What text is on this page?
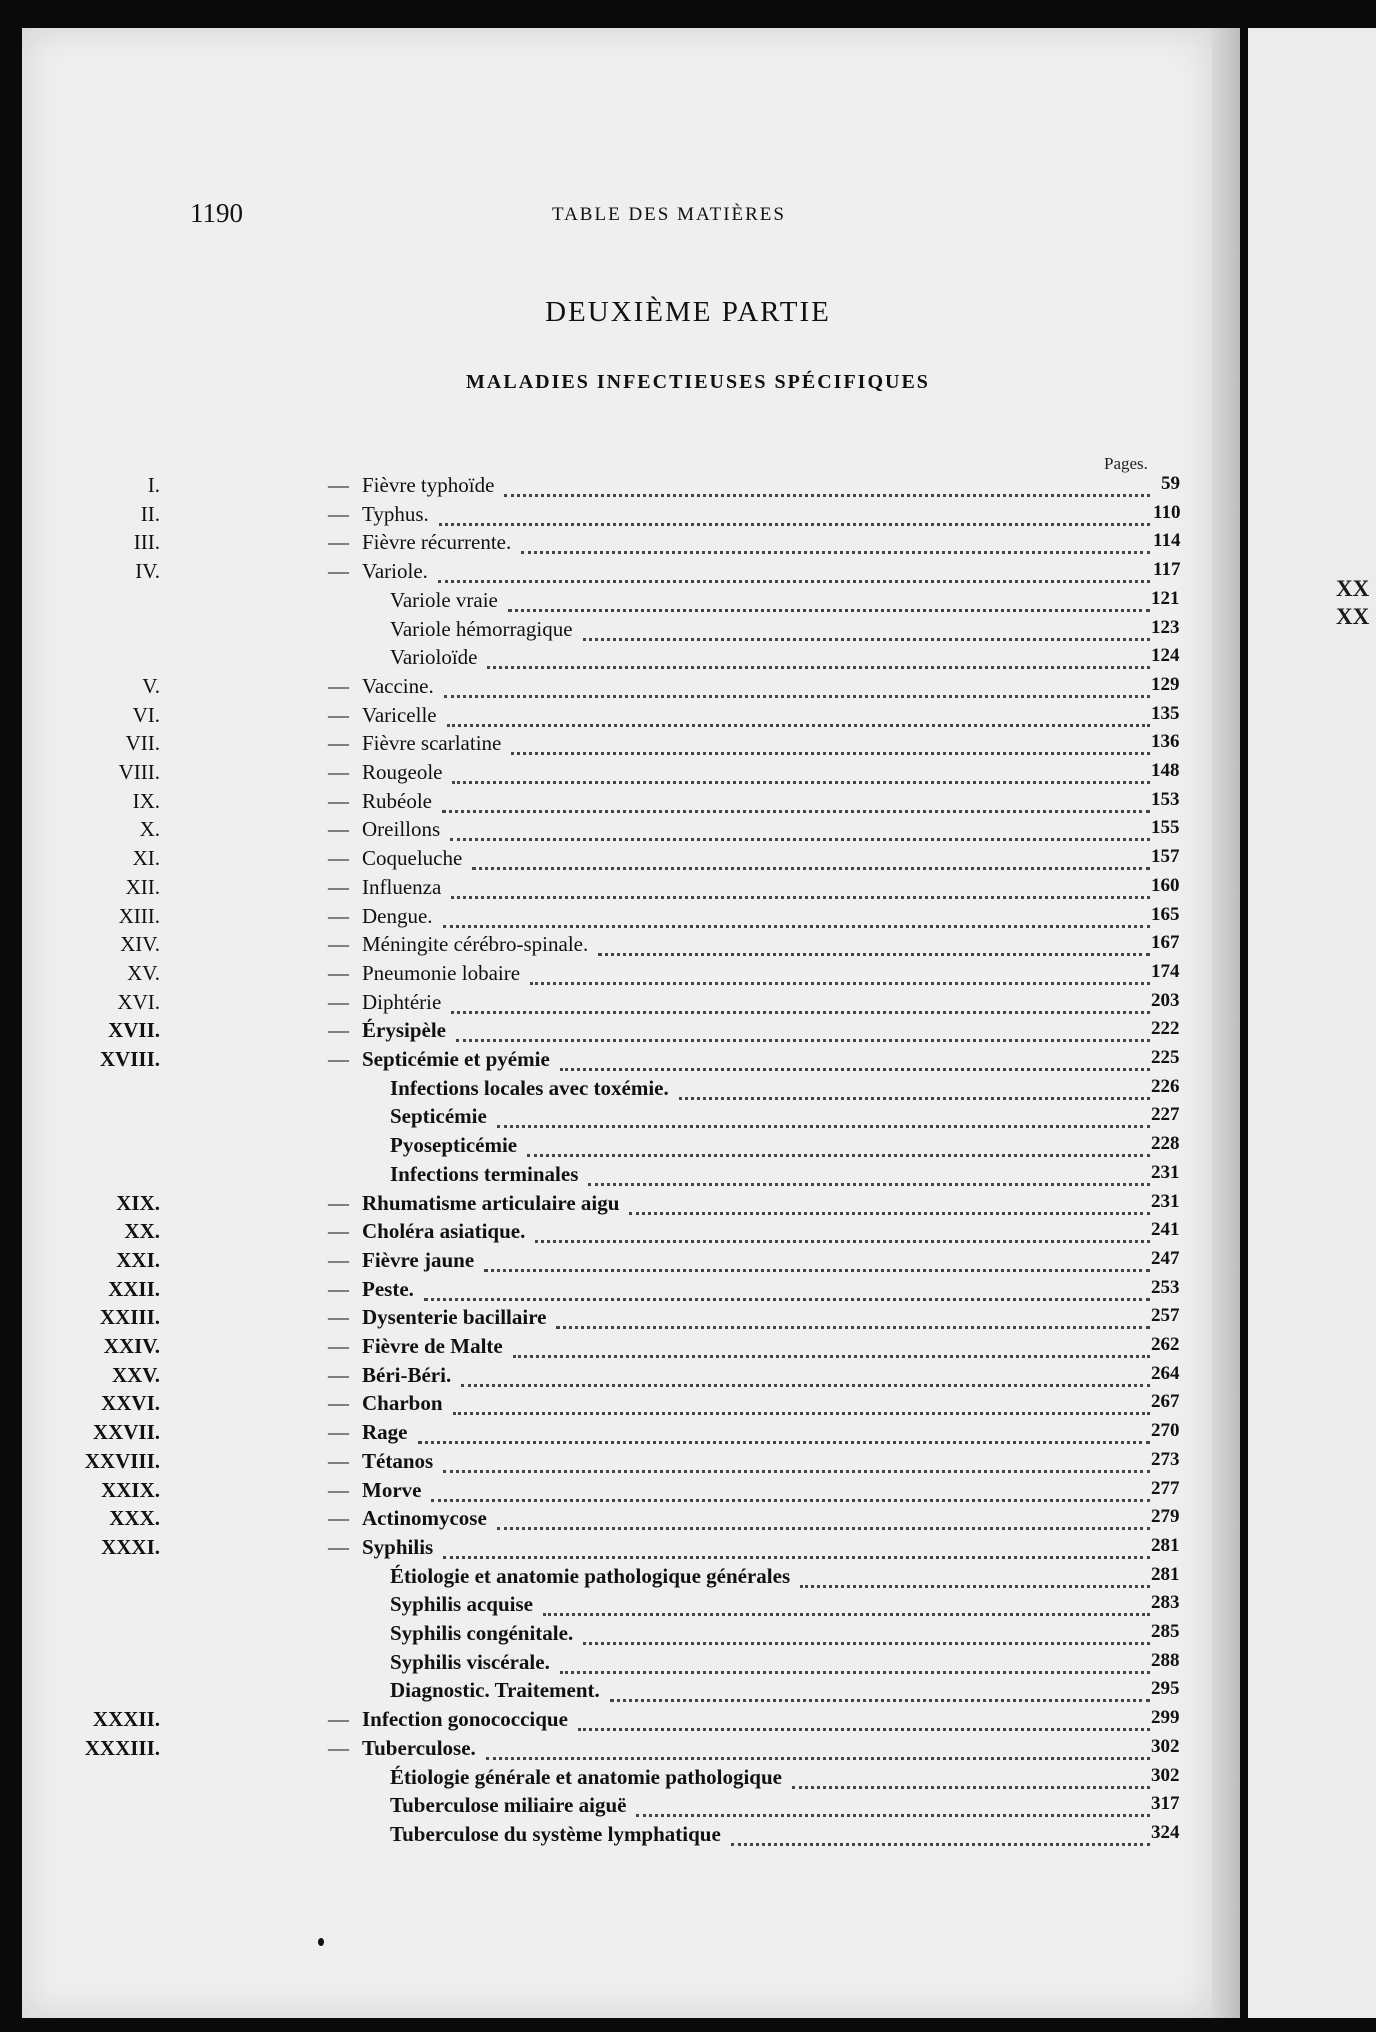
1190	TABLE DES MATIÈRES
DEUXIÈME PARTIE
MALADIES INFECTIEUSES SPÉCIFIQUES
Pages.
I.	— Fièvre typhoïde	59
II.	— Typhus.	110
III.	— Fièvre récurrente.	114
IV.	— Variole.	117
Variole vraie	121
Variole hémorragique	123
Varioloïde	124
V.	— Vaccine.	129
VI.	— Varicelle	135
VII.	— Fièvre scarlatine	136
VIII.	— Rougeole	148
IX.	— Rubéole	153
X.	— Oreillons	155
XI.	— Coqueluche	157
XII.	— Influenza	160
XIII.	— Dengue.	165
XIV.	— Méningite cérébro-spinale.	167
XV.	— Pneumonie lobaire	174
XVI.	— Diphtérie	203
XVII.	— Érysipèle	222
XVIII.	— Septicémie et pyémie	225
Infections locales avec toxémie.	226
Septicémie	227
Pyosepticémie	228
Infections terminales	231
XIX.	— Rhumatisme articulaire aigu	231
XX.	— Choléra asiatique.	241
XXI.	— Fièvre jaune	247
XXII.	— Peste.	253
XXIII.	— Dysenterie bacillaire	257
XXIV.	— Fièvre de Malte	262
XXV.	— Béri-Béri.	264
XXVI.	— Charbon	267
XXVII.	— Rage	270
XXVIII.	— Tétanos	273
XXIX.	— Morve	277
XXX.	— Actinomycose	279
XXXI.	— Syphilis	281
Étiologie et anatomie pathologique générales	281
Syphilis acquise	283
Syphilis congénitale.	285
Syphilis viscérale.	288
Diagnostic. Traitement.	295
XXXII.	— Infection gonococcique	299
XXXIII.	— Tuberculose.	302
Étiologie générale et anatomie pathologique	302
Tuberculose miliaire aiguë	317
Tuberculose du système lymphatique	324
XX
XX
